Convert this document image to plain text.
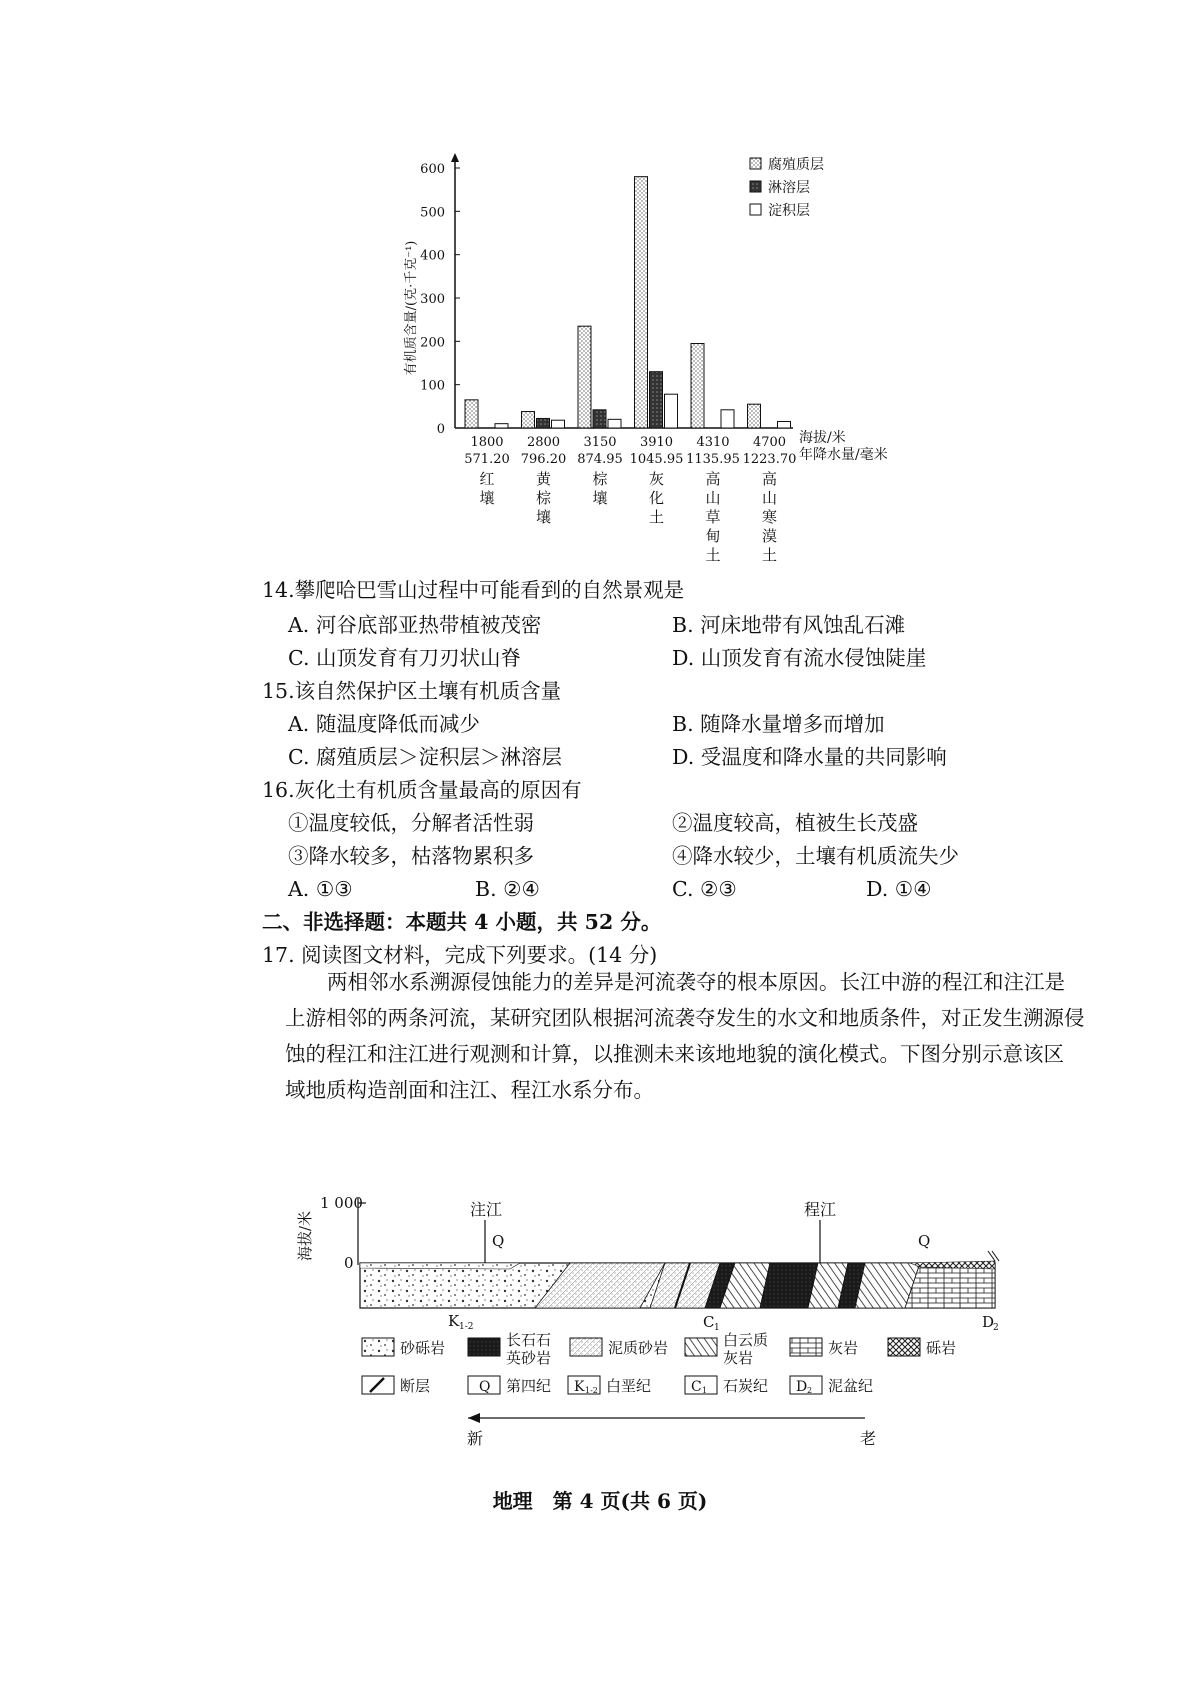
0
100
200
300
400
500
600
有机质含量/(克·千克⁻¹)
1800
571.20
红
壤
2800
796.20
黄
棕
壤
3150
874.95
棕
壤
3910
1045.95
灰
化
土
4310
1135.95
高
山
草
甸
土
4700
1223.70
高
山
寒
漠
土
海拔/米
年降水量/毫米
腐殖质层
淋溶层
淀积层
14.攀爬哈巴雪山过程中可能看到的自然景观是
A. 河谷底部亚热带植被茂密	B. 河床地带有风蚀乱石滩
C. 山顶发育有刀刃状山脊	D. 山顶发育有流水侵蚀陡崖
15.该自然保护区土壤有机质含量
A. 随温度降低而减少	B. 随降水量增多而增加
C. 腐殖质层＞淀积层＞淋溶层	D. 受温度和降水量的共同影响
16.灰化土有机质含量最高的原因有
①温度较低，分解者活性弱	②温度较高，植被生长茂盛
③降水较多，枯落物累积多	④降水较少，土壤有机质流失少
A. ①③	B. ②④	C. ②③	D. ①④
二、非选择题：本题共 4 小题，共 52 分。
17. 阅读图文材料，完成下列要求。(14 分)

两相邻水系溯源侵蚀能力的差异是河流袭夺的根本原因。长江中游的程江和注江是

上游相邻的两条河流，某研究团队根据河流袭夺发生的水文和地质条件，对正发生溯源侵

蚀的程江和注江进行观测和计算，以推测未来该地地貌的演化模式。下图分别示意该区

域地质构造剖面和注江、程江水系分布。

1 000
0
海拔/米
注江
Q
程江
Q
K 1-2	C 1	D
2
砂砾岩	长石石
英砂岩
泥质砂岩	白云质
灰岩
灰岩	砾岩
断层	Q 第四纪 K 1-2 白垩纪	C 1 石炭纪 D 2 泥盆纪
新	老
地理　第 4 页(共 6 页)
